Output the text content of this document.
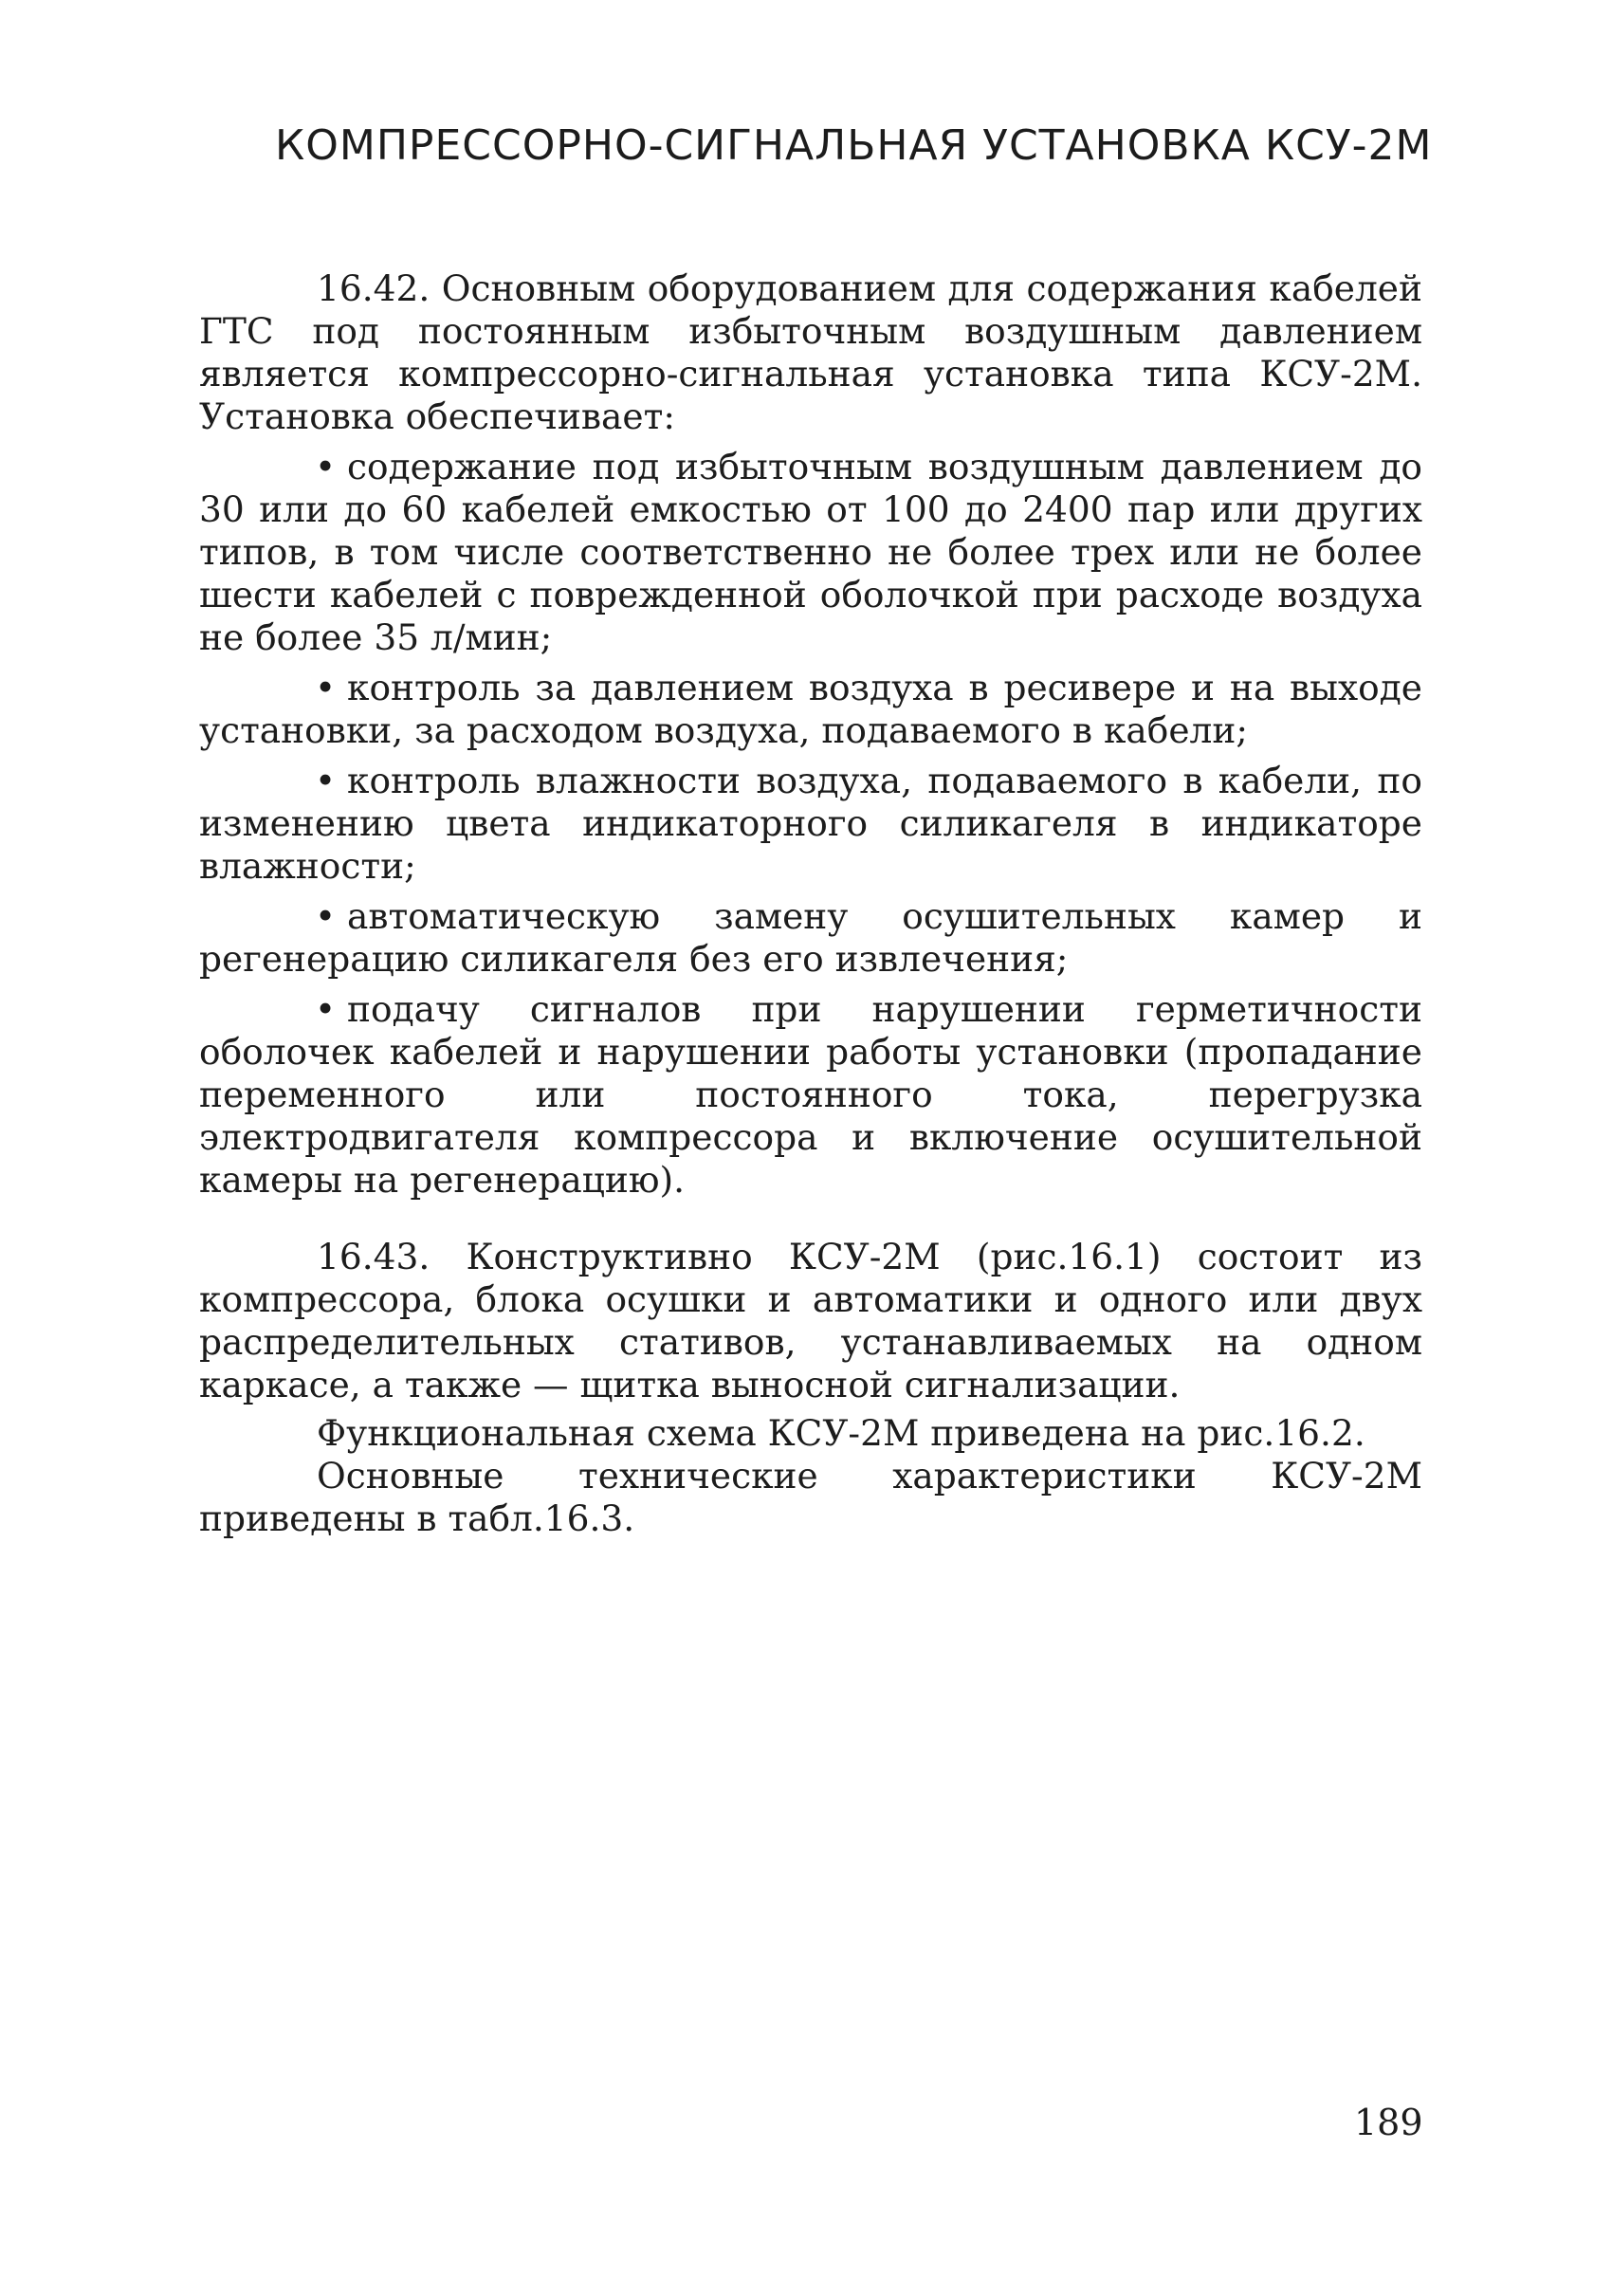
КОМПРЕССОРНО-СИГНАЛЬНАЯ УСТАНОВКА КСУ-2М

16.42. Основным оборудованием для содержания кабелей ГТС под постоянным избыточным воздушным давлением является компрессорно-сигнальная установка типа КСУ-2М. Установка обеспечивает:

• содержание под избыточным воздушным давлением до 30 или до 60 кабелей емкостью от 100 до 2400 пар или других типов, в том числе соответственно не более трех или не более шести кабелей с поврежденной оболочкой при расходе воздуха не более 35 л/мин;
• контроль за давлением воздуха в ресивере и на выходе установки, за расходом воздуха, подаваемого в кабели;
• контроль влажности воздуха, подаваемого в кабели, по изменению цвета индикаторного силикагеля в индикаторе влажности;
• автоматическую замену осушительных камер и регенерацию силикагеля без его извлечения;
• подачу сигналов при нарушении герметичности оболочек кабелей и нарушении работы установки (пропадание переменного или постоянного тока, перегрузка электродвигателя компрессора и включение осушительной камеры на регенерацию).

16.43. Конструктивно КСУ-2М (рис.16.1) состоит из компрессора, блока осушки и автоматики и одного или двух распределительных стативов, устанавливаемых на одном каркасе, а также — щитка выносной сигнализации.

Функциональная схема КСУ-2М приведена на рис.16.2.

Основные технические характеристики КСУ-2М приведены в табл.16.3.

189
